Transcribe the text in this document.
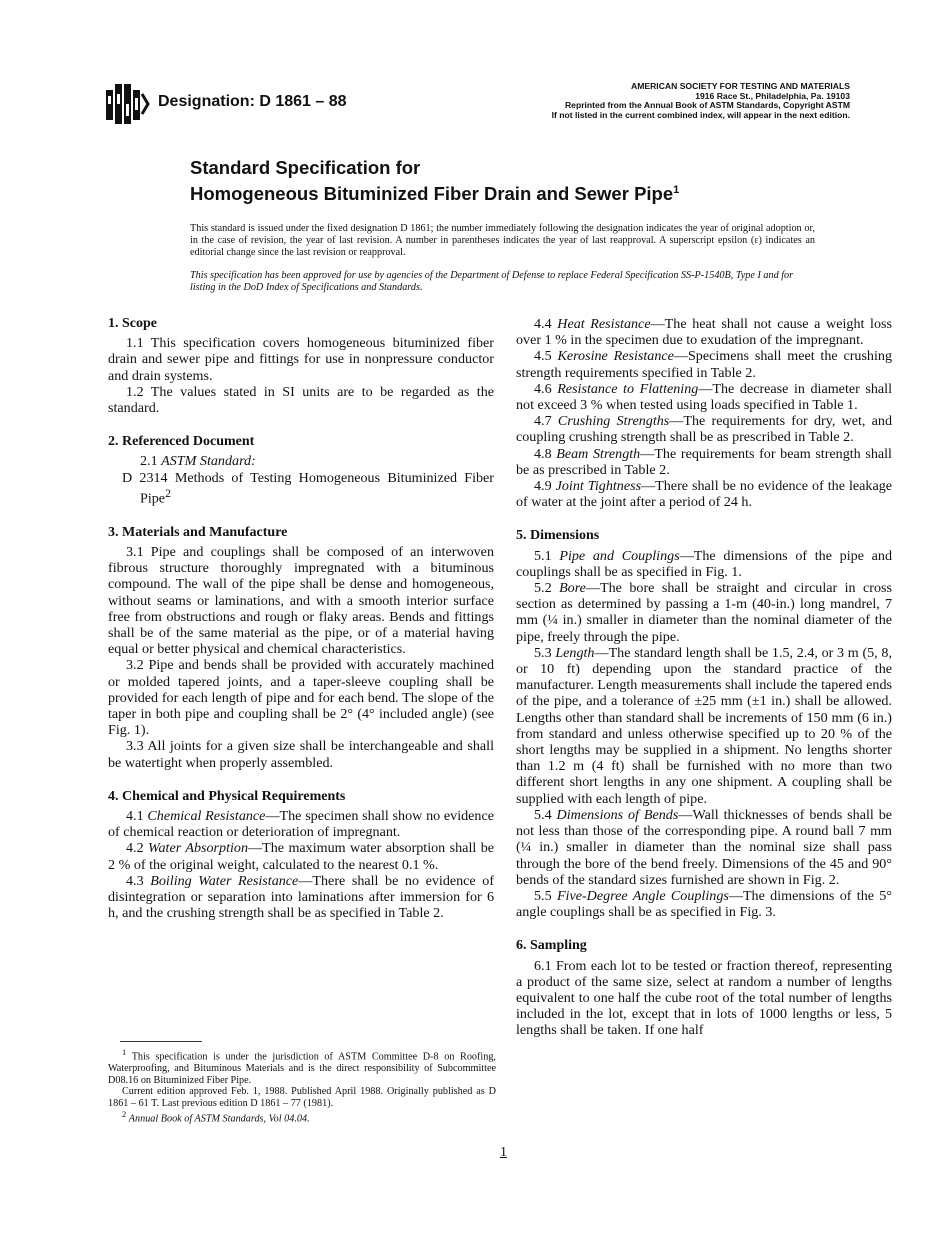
Designation: D 1861 – 88
AMERICAN SOCIETY FOR TESTING AND MATERIALS
1916 Race St., Philadelphia, Pa. 19103
Reprinted from the Annual Book of ASTM Standards, Copyright ASTM
If not listed in the current combined index, will appear in the next edition.
Standard Specification for
Homogeneous Bituminized Fiber Drain and Sewer Pipe$^1$
This standard is issued under the fixed designation D 1861; the number immediately following the designation indicates the year of original adoption or, in the case of revision, the year of last revision. A number in parentheses indicates the year of last reapproval. A superscript epsilon (ε) indicates an editorial change since the last revision or reapproval.
This specification has been approved for use by agencies of the Department of Defense to replace Federal Specification SS-P-1540B, Type I and for listing in the DoD Index of Specifications and Standards.
1. Scope

1.1 This specification covers homogeneous bituminized fiber drain and sewer pipe and fittings for use in nonpressure conductor and drain systems.

1.2 The values stated in SI units are to be regarded as the standard.

2. Referenced Document

2.1 ASTM Standard:

D 2314 Methods of Testing Homogeneous Bituminized Fiber Pipe$^2$

3. Materials and Manufacture

3.1 Pipe and couplings shall be composed of an interwoven fibrous structure thoroughly impregnated with a bituminous compound. The wall of the pipe shall be dense and homogeneous, without seams or laminations, and with a smooth interior surface free from obstructions and rough or flaky areas. Bends and fittings shall be of the same material as the pipe, or of a material having equal or better physical and chemical characteristics.

3.2 Pipe and bends shall be provided with accurately machined or molded tapered joints, and a taper-sleeve coupling shall be provided for each length of pipe and for each bend. The slope of the taper in both pipe and coupling shall be 2° (4° included angle) (see Fig. 1).

3.3 All joints for a given size shall be interchangeable and shall be watertight when properly assembled.

4. Chemical and Physical Requirements

4.1 Chemical Resistance—The specimen shall show no evidence of chemical reaction or deterioration of impregnant.

4.2 Water Absorption—The maximum water absorption shall be 2 % of the original weight, calculated to the nearest 0.1 %.

4.3 Boiling Water Resistance—There shall be no evidence of disintegration or separation into laminations after immersion for 6 h, and the crushing strength shall be as specified in Table 2.

4.4 Heat Resistance—The heat shall not cause a weight loss over 1 % in the specimen due to exudation of the impregnant.

4.5 Kerosine Resistance—Specimens shall meet the crushing strength requirements specified in Table 2.

4.6 Resistance to Flattening—The decrease in diameter shall not exceed 3 % when tested using loads specified in Table 1.

4.7 Crushing Strengths—The requirements for dry, wet, and coupling crushing strength shall be as prescribed in Table 2.

4.8 Beam Strength—The requirements for beam strength shall be as prescribed in Table 2.

4.9 Joint Tightness—There shall be no evidence of the leakage of water at the joint after a period of 24 h.

5. Dimensions

5.1 Pipe and Couplings—The dimensions of the pipe and couplings shall be as specified in Fig. 1.

5.2 Bore—The bore shall be straight and circular in cross section as determined by passing a 1-m (40-in.) long mandrel, 7 mm (¼ in.) smaller in diameter than the nominal diameter of the pipe, freely through the pipe.

5.3 Length—The standard length shall be 1.5, 2.4, or 3 m (5, 8, or 10 ft) depending upon the standard practice of the manufacturer. Length measurements shall include the tapered ends of the pipe, and a tolerance of ±25 mm (±1 in.) shall be allowed. Lengths other than standard shall be increments of 150 mm (6 in.) from standard and unless otherwise specified up to 20 % of the short lengths may be supplied in a shipment. No lengths shorter than 1.2 m (4 ft) shall be furnished with no more than two different short lengths in any one shipment. A coupling shall be supplied with each length of pipe.

5.4 Dimensions of Bends—Wall thicknesses of bends shall be not less than those of the corresponding pipe. A round ball 7 mm (¼ in.) smaller in diameter than the nominal size shall pass through the bore of the bend freely. Dimensions of the 45 and 90° bends of the standard sizes furnished are shown in Fig. 2.

5.5 Five-Degree Angle Couplings—The dimensions of the 5° angle couplings shall be as specified in Fig. 3.

6. Sampling

6.1 From each lot to be tested or fraction thereof, representing a product of the same size, select at random a number of lengths equivalent to one half the cube root of the total number of lengths included in the lot, except that in lots of 1000 lengths or less, 5 lengths shall be taken. If one half

$^1$ This specification is under the jurisdiction of ASTM Committee D-8 on Roofing, Waterproofing, and Bituminous Materials and is the direct responsibility of Subcommittee D08.16 on Bituminized Fiber Pipe.

Current edition approved Feb. 1, 1988. Published April 1988. Originally published as D 1861 – 61 T. Last previous edition D 1861 – 77 (1981).

$^2$ Annual Book of ASTM Standards, Vol 04.04.

1
